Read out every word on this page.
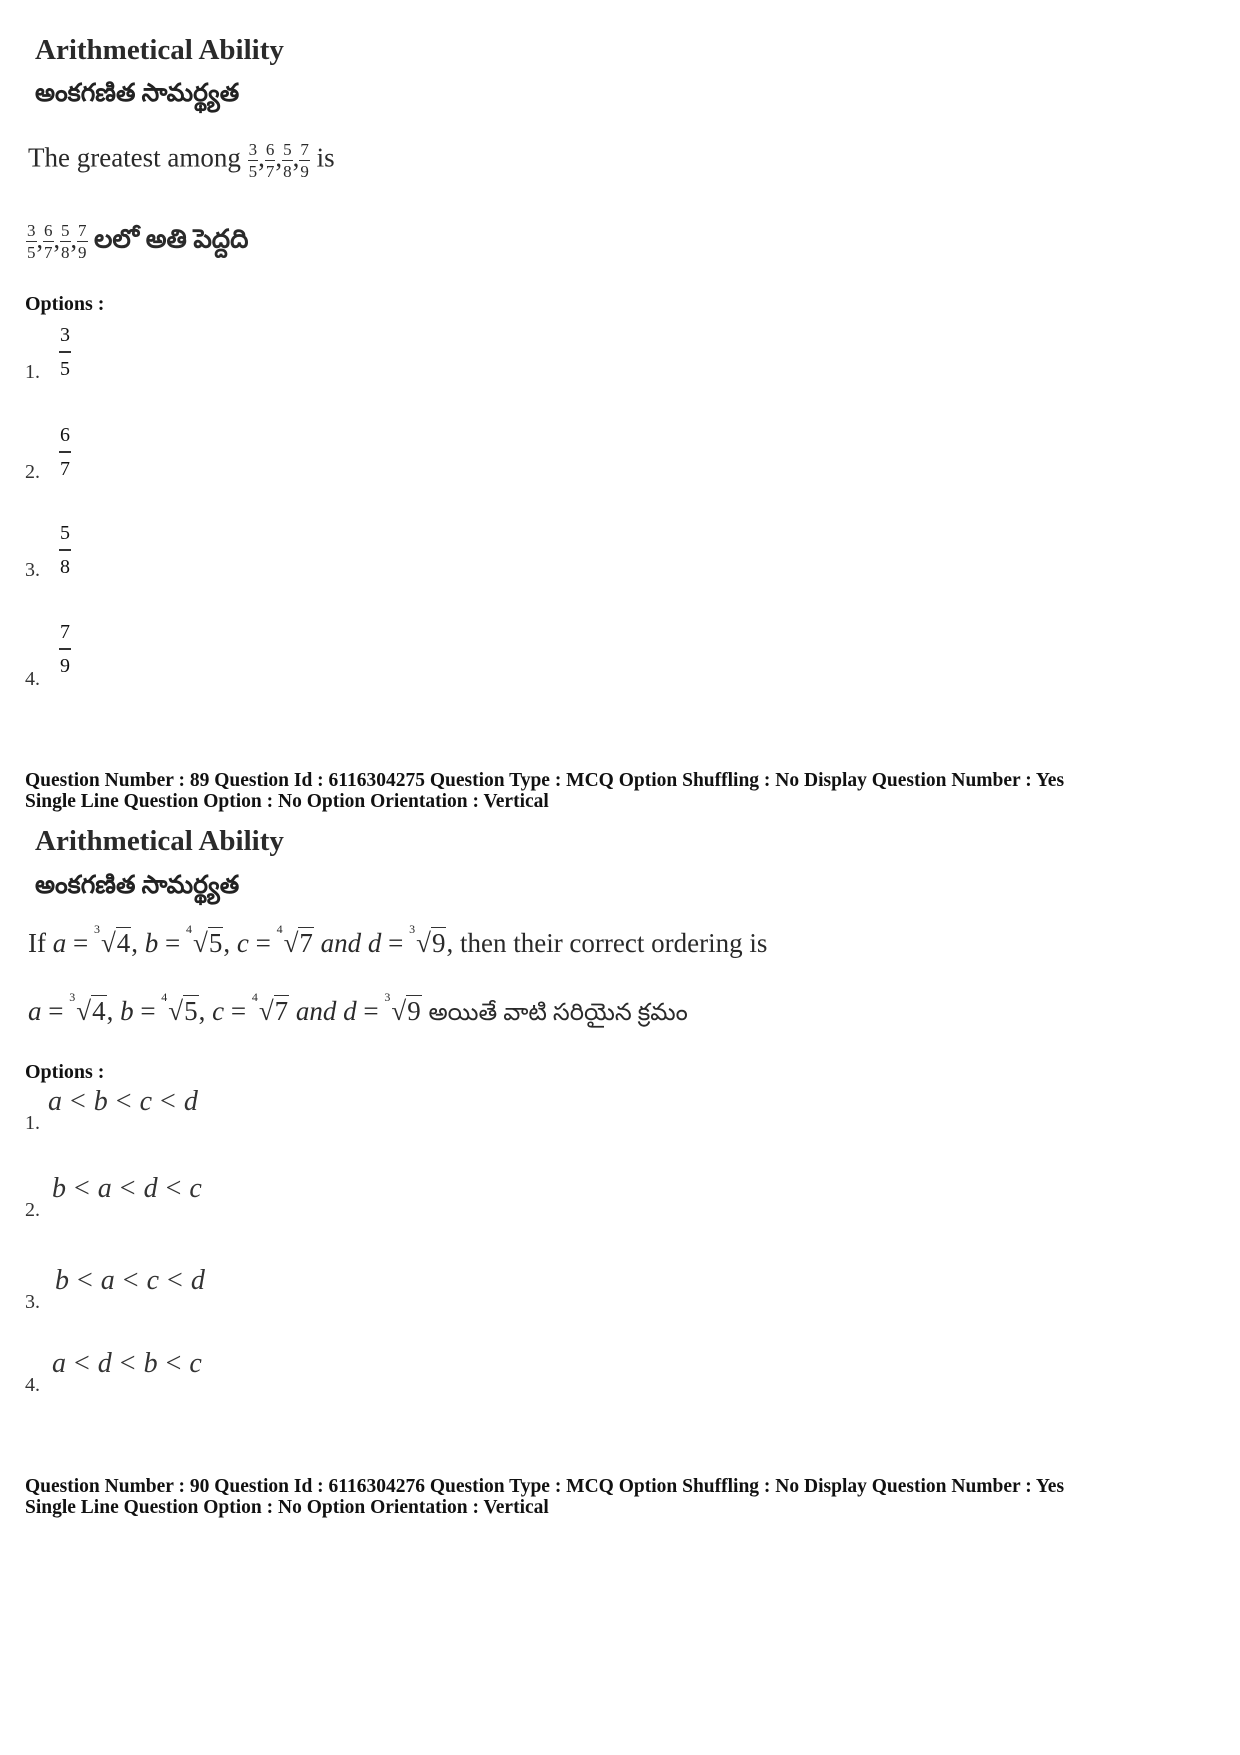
Arithmetical Ability
అంకగణిత సామర్థ్యత
The greatest among $\frac{3}{5}$ , $\frac{6}{7}$ , $\frac{5}{8}$ , $\frac{7}{9}$ is
$\frac{3}{5}$ , $\frac{6}{7}$ , $\frac{5}{8}$ , $\frac{7}{9}$ లలో అతి పెద్దది
Options :
1. $\frac{3}{5}$
2. $\frac{6}{7}$
3. $\frac{5}{8}$
4.
$\frac{7}{9}$
Question Number : 89 Question Id : 6116304275 Question Type : MCQ Option Shuffling : No Display Question Number : Yes
Single Line Question Option : No Option Orientation : Vertical
Arithmetical Ability
అంకగణిత సామర్థ్యత
If a = 3 √4, b = 4 √5, c = 4 √7 and d = 3 √9, then their correct ordering is
a = 3 √4, b = 4 √5, c = 4 √7 and d = 3 √9 అయితే వాటి సరియైన క్రమం
Options :
1.
a < b < c < d
2.
b < a < d < c
3.
b < a < c < d
4.
a < d < b < c
Question Number : 90 Question Id : 6116304276 Question Type : MCQ Option Shuffling : No Display Question Number : Yes
Single Line Question Option : No Option Orientation : Vertical
